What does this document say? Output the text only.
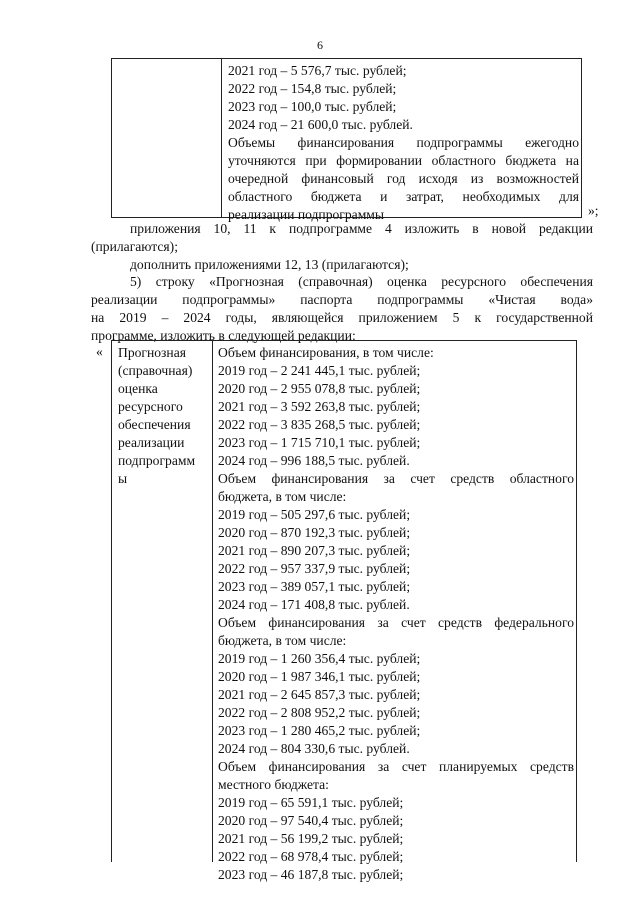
6
2021 год – 5 576,7 тыс. рублей;
2022 год – 154,8 тыс. рублей;
2023 год – 100,0 тыс. рублей;
2024 год – 21 600,0 тыс. рублей.
Объемы финансирования подпрограммы ежегодно
уточняются при формировании областного бюджета на
очередной финансовый год исходя из возможностей
областного бюджета и затрат, необходимых для
реализации подпрограммы	»;
приложения 10, 11 к подпрограмме 4 изложить в новой редакции
(прилагаются);
дополнить приложениями 12, 13 (прилагаются);
5) строку «Прогнозная (справочная) оценка ресурсного обеспечения
реализации подпрограммы» паспорта подпрограммы «Чистая вода»
на 2019 – 2024 годы, являющейся приложением 5 к государственной
программе, изложить в следующей редакции:
« Прогнозная
(справочная)
оценка
ресурсного
обеспечения
реализации
подпрограмм
ы
Объем финансирования, в том числе:
2019 год – 2 241 445,1 тыс. рублей;
2020 год – 2 955 078,8 тыс. рублей;
2021 год – 3 592 263,8 тыс. рублей;
2022 год – 3 835 268,5 тыс. рублей;
2023 год – 1 715 710,1 тыс. рублей;
2024 год – 996 188,5 тыс. рублей.
Объем финансирования за счет средств областного
бюджета, в том числе:
2019 год – 505 297,6 тыс. рублей;
2020 год – 870 192,3 тыс. рублей;
2021 год – 890 207,3 тыс. рублей;
2022 год – 957 337,9 тыс. рублей;
2023 год – 389 057,1 тыс. рублей;
2024 год – 171 408,8 тыс. рублей.
Объем финансирования за счет средств федерального
бюджета, в том числе:
2019 год – 1 260 356,4 тыс. рублей;
2020 год – 1 987 346,1 тыс. рублей;
2021 год – 2 645 857,3 тыс. рублей;
2022 год – 2 808 952,2 тыс. рублей;
2023 год – 1 280 465,2 тыс. рублей;
2024 год – 804 330,6 тыс. рублей.
Объем финансирования за счет планируемых средств
местного бюджета:
2019 год – 65 591,1 тыс. рублей;
2020 год – 97 540,4 тыс. рублей;
2021 год – 56 199,2 тыс. рублей;
2022 год – 68 978,4 тыс. рублей;
2023 год – 46 187,8 тыс. рублей;
